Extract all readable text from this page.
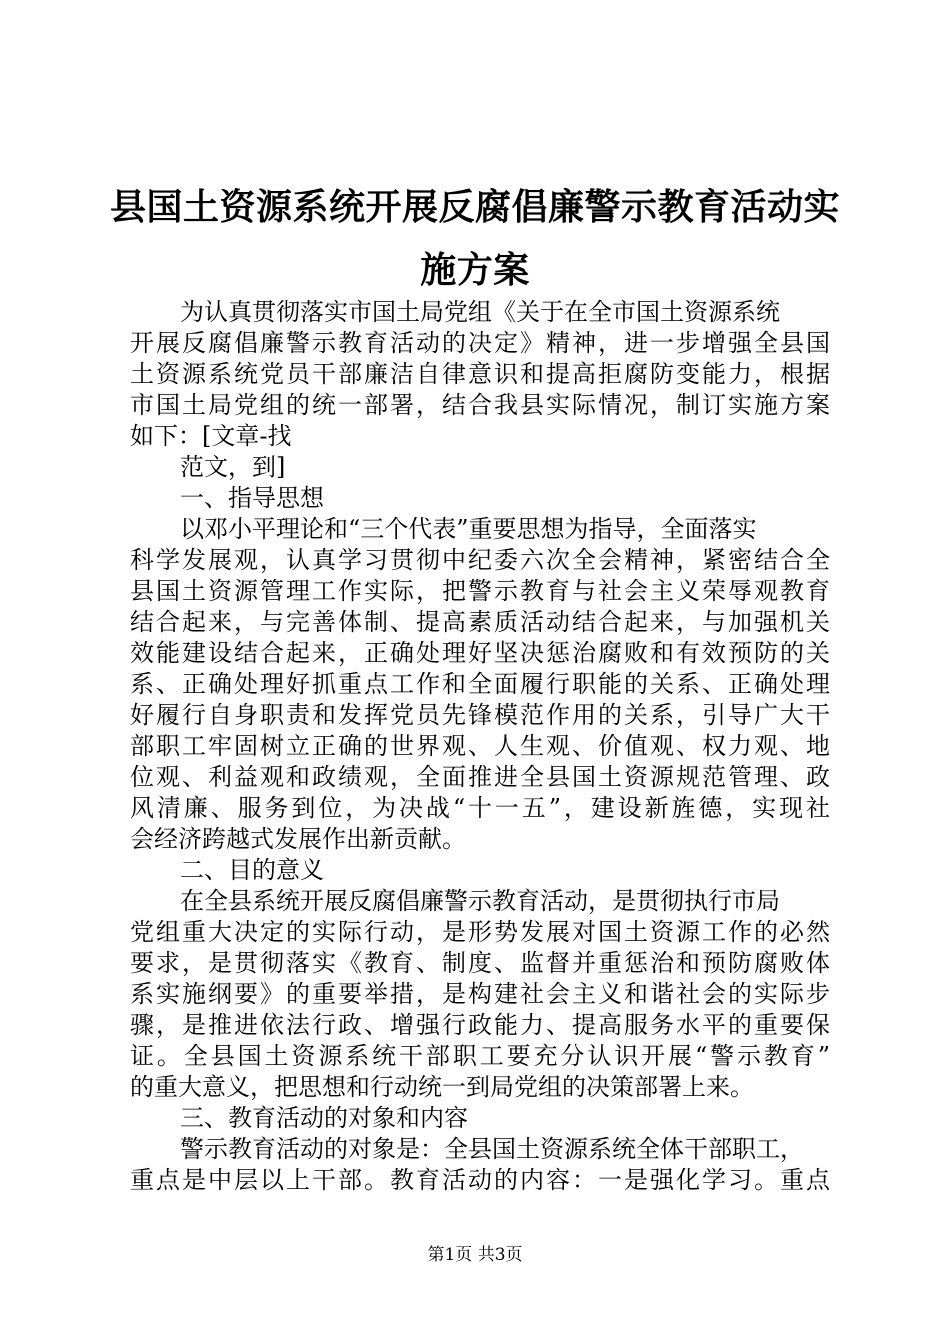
县国土资源系统开展反腐倡廉警示教育活动实
施方案
为认真贯彻落实市国土局党组《关于在全市国土资源系统
开展反腐倡廉警示教育活动的决定》精神，进一步增强全县国
土资源系统党员干部廉洁自律意识和提高拒腐防变能力，根据
市国土局党组的统一部署，结合我县实际情况，制订实施方案
如下：[文章-找
范文，到]
一、指导思想
以邓小平理论和“三个代表”重要思想为指导，全面落实
科学发展观，认真学习贯彻中纪委六次全会精神，紧密结合全
县国土资源管理工作实际，把警示教育与社会主义荣辱观教育
结合起来，与完善体制、提高素质活动结合起来，与加强机关
效能建设结合起来，正确处理好坚决惩治腐败和有效预防的关
系、正确处理好抓重点工作和全面履行职能的关系、正确处理
好履行自身职责和发挥党员先锋模范作用的关系，引导广大干
部职工牢固树立正确的世界观、人生观、价值观、权力观、地
位观、利益观和政绩观，全面推进全县国土资源规范管理、政
风清廉、服务到位，为决战“十一五”，建设新旌德，实现社
会经济跨越式发展作出新贡献。
二、目的意义
在全县系统开展反腐倡廉警示教育活动，是贯彻执行市局
党组重大决定的实际行动，是形势发展对国土资源工作的必然
要求，是贯彻落实《教育、制度、监督并重惩治和预防腐败体
系实施纲要》的重要举措，是构建社会主义和谐社会的实际步
骤，是推进依法行政、增强行政能力、提高服务水平的重要保
证。全县国土资源系统干部职工要充分认识开展“警示教育”
的重大意义，把思想和行动统一到局党组的决策部署上来。
三、教育活动的对象和内容
警示教育活动的对象是：全县国土资源系统全体干部职工，
重点是中层以上干部。教育活动的内容：一是强化学习。重点
第1页 共3页
